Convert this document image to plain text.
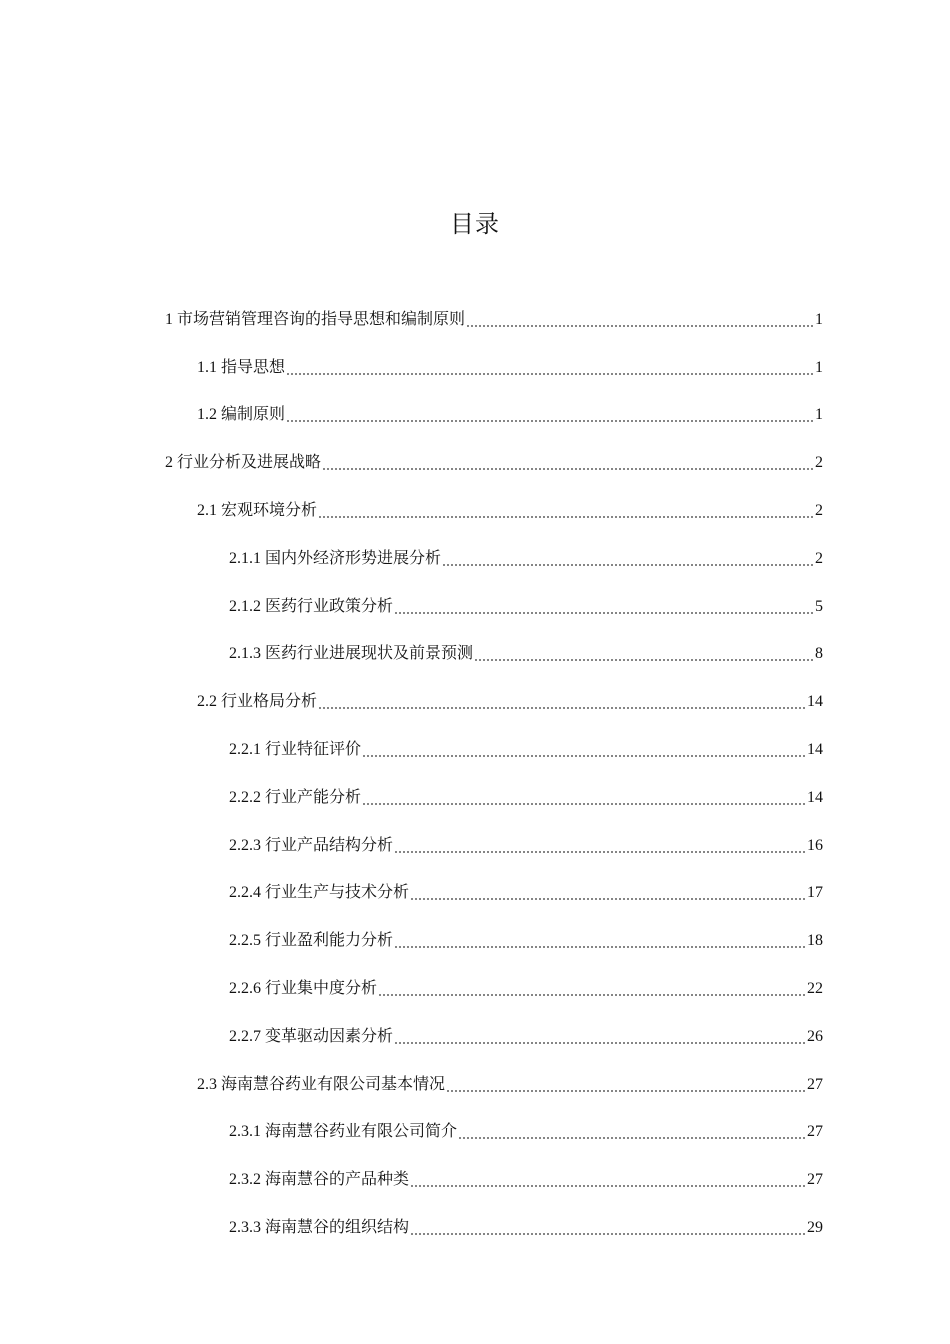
目录
1 市场营销管理咨询的指导思想和编制原则	1
1.1 指导思想	1
1.2 编制原则	1
2 行业分析及进展战略	2
2.1 宏观环境分析	2
2.1.1 国内外经济形势进展分析	2
2.1.2 医药行业政策分析	5
2.1.3 医药行业进展现状及前景预测	8
2.2 行业格局分析	14
2.2.1 行业特征评价	14
2.2.2 行业产能分析	14
2.2.3 行业产品结构分析	16
2.2.4 行业生产与技术分析	17
2.2.5 行业盈利能力分析	18
2.2.6 行业集中度分析	22
2.2.7 变革驱动因素分析	26
2.3 海南慧谷药业有限公司基本情况	27
2.3.1 海南慧谷药业有限公司简介	27
2.3.2 海南慧谷的产品种类	27
2.3.3 海南慧谷的组织结构	29
